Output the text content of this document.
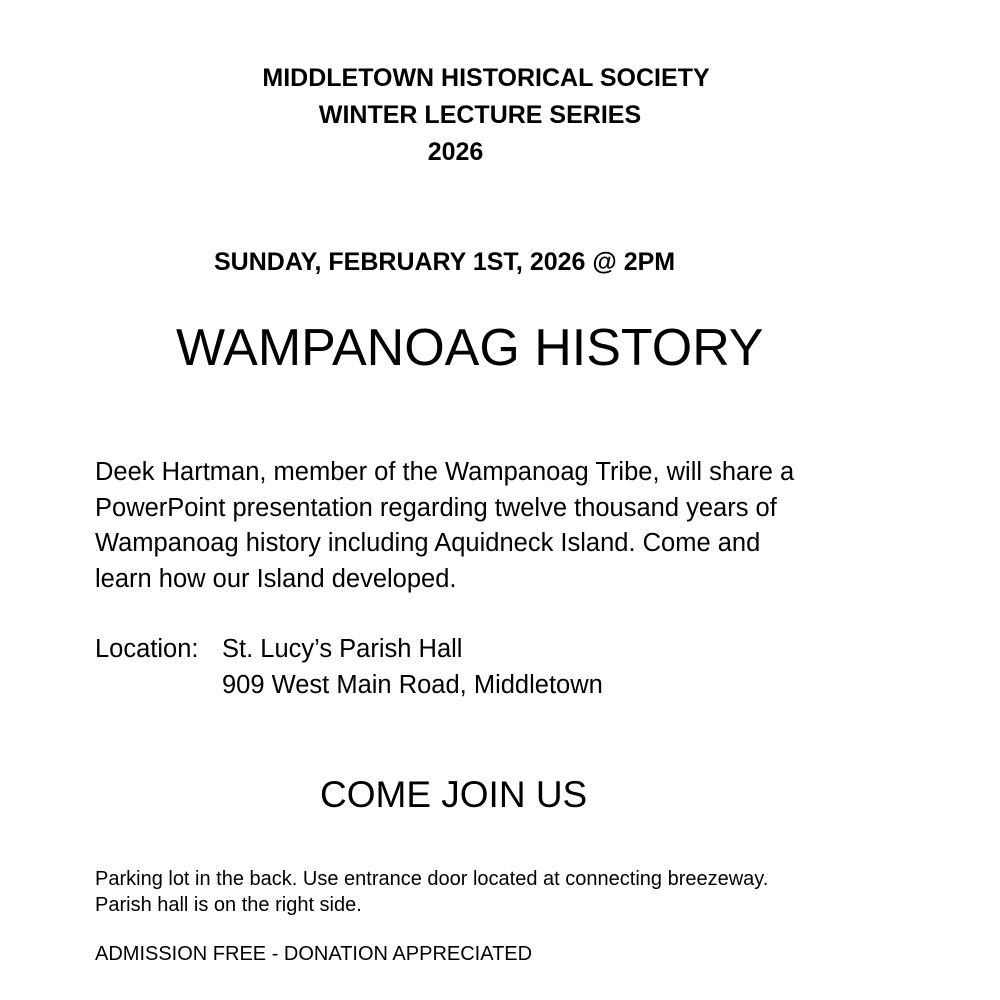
MIDDLETOWN HISTORICAL SOCIETY
WINTER LECTURE SERIES
2026
SUNDAY, FEBRUARY 1ST, 2026 @ 2PM
WAMPANOAG HISTORY
Deek Hartman, member of the Wampanoag Tribe, will share a
PowerPoint presentation regarding twelve thousand years of
Wampanoag history including Aquidneck Island. Come and
learn how our Island developed.
Location: St. Lucy’s Parish Hall
909 West Main Road, Middletown
COME JOIN US
Parking lot in the back. Use entrance door located at connecting breezeway.
Parish hall is on the right side.
ADMISSION FREE - DONATION APPRECIATED
